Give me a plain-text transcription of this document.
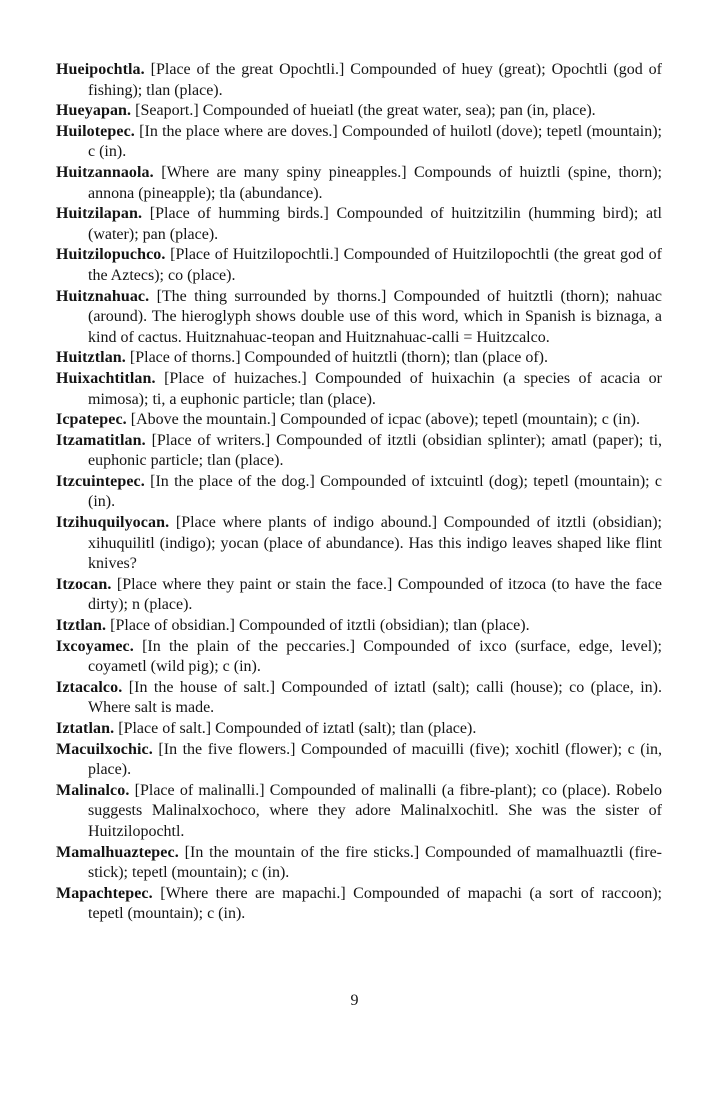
Hueipochtla. [Place of the great Opochtli.] Compounded of huey (great); Opochtli (god of fishing); tlan (place).

Hueyapan. [Seaport.] Compounded of hueiatl (the great water, sea); pan (in, place).

Huilotepec. [In the place where are doves.] Compounded of huilotl (dove); tepetl (mountain); c (in).

Huitzannaola. [Where are many spiny pineapples.] Compounds of huiztli (spine, thorn); annona (pineapple); tla (abundance).

Huitzilapan. [Place of humming birds.] Compounded of huitzitzilin (humming bird); atl (water); pan (place).

Huitzilopuchco. [Place of Huitzilopochtli.] Compounded of Huitzilopochtli (the great god of the Aztecs); co (place).

Huitznahuac. [The thing surrounded by thorns.] Compounded of huitztli (thorn); nahuac (around). The hieroglyph shows double use of this word, which in Spanish is biznaga, a kind of cactus. Huitznahuac-teopan and Huitznahuac-calli = Huitzcalco.

Huitztlan. [Place of thorns.] Compounded of huitztli (thorn); tlan (place of).

Huixachtitlan. [Place of huizaches.] Compounded of huixachin (a species of acacia or mimosa); ti, a euphonic particle; tlan (place).

Icpatepec. [Above the mountain.] Compounded of icpac (above); tepetl (mountain); c (in).

Itzamatitlan. [Place of writers.] Compounded of itztli (obsidian splinter); amatl (paper); ti, euphonic particle; tlan (place).

Itzcuintepec. [In the place of the dog.] Compounded of ixtcuintl (dog); tepetl (mountain); c (in).

Itzihuquilyocan. [Place where plants of indigo abound.] Compounded of itztli (obsidian); xihuquilitl (indigo); yocan (place of abundance). Has this indigo leaves shaped like flint knives?

Itzocan. [Place where they paint or stain the face.] Compounded of itzoca (to have the face dirty); n (place).

Itztlan. [Place of obsidian.] Compounded of itztli (obsidian); tlan (place).

Ixcoyamec. [In the plain of the peccaries.] Compounded of ixco (surface, edge, level); coyametl (wild pig); c (in).

Iztacalco. [In the house of salt.] Compounded of iztatl (salt); calli (house); co (place, in). Where salt is made.

Iztatlan. [Place of salt.] Compounded of iztatl (salt); tlan (place).

Macuilxochic. [In the five flowers.] Compounded of macuilli (five); xochitl (flower); c (in, place).

Malinalco. [Place of malinalli.] Compounded of malinalli (a fibre-plant); co (place). Robelo suggests Malinalxochoco, where they adore Malinalxochitl. She was the sister of Huitzilopochtl.

Mamalhuaztepec. [In the mountain of the fire sticks.] Compounded of mamalhuaztli (fire-stick); tepetl (mountain); c (in).

Mapachtepec. [Where there are mapachi.] Compounded of mapachi (a sort of raccoon); tepetl (mountain); c (in).

9
